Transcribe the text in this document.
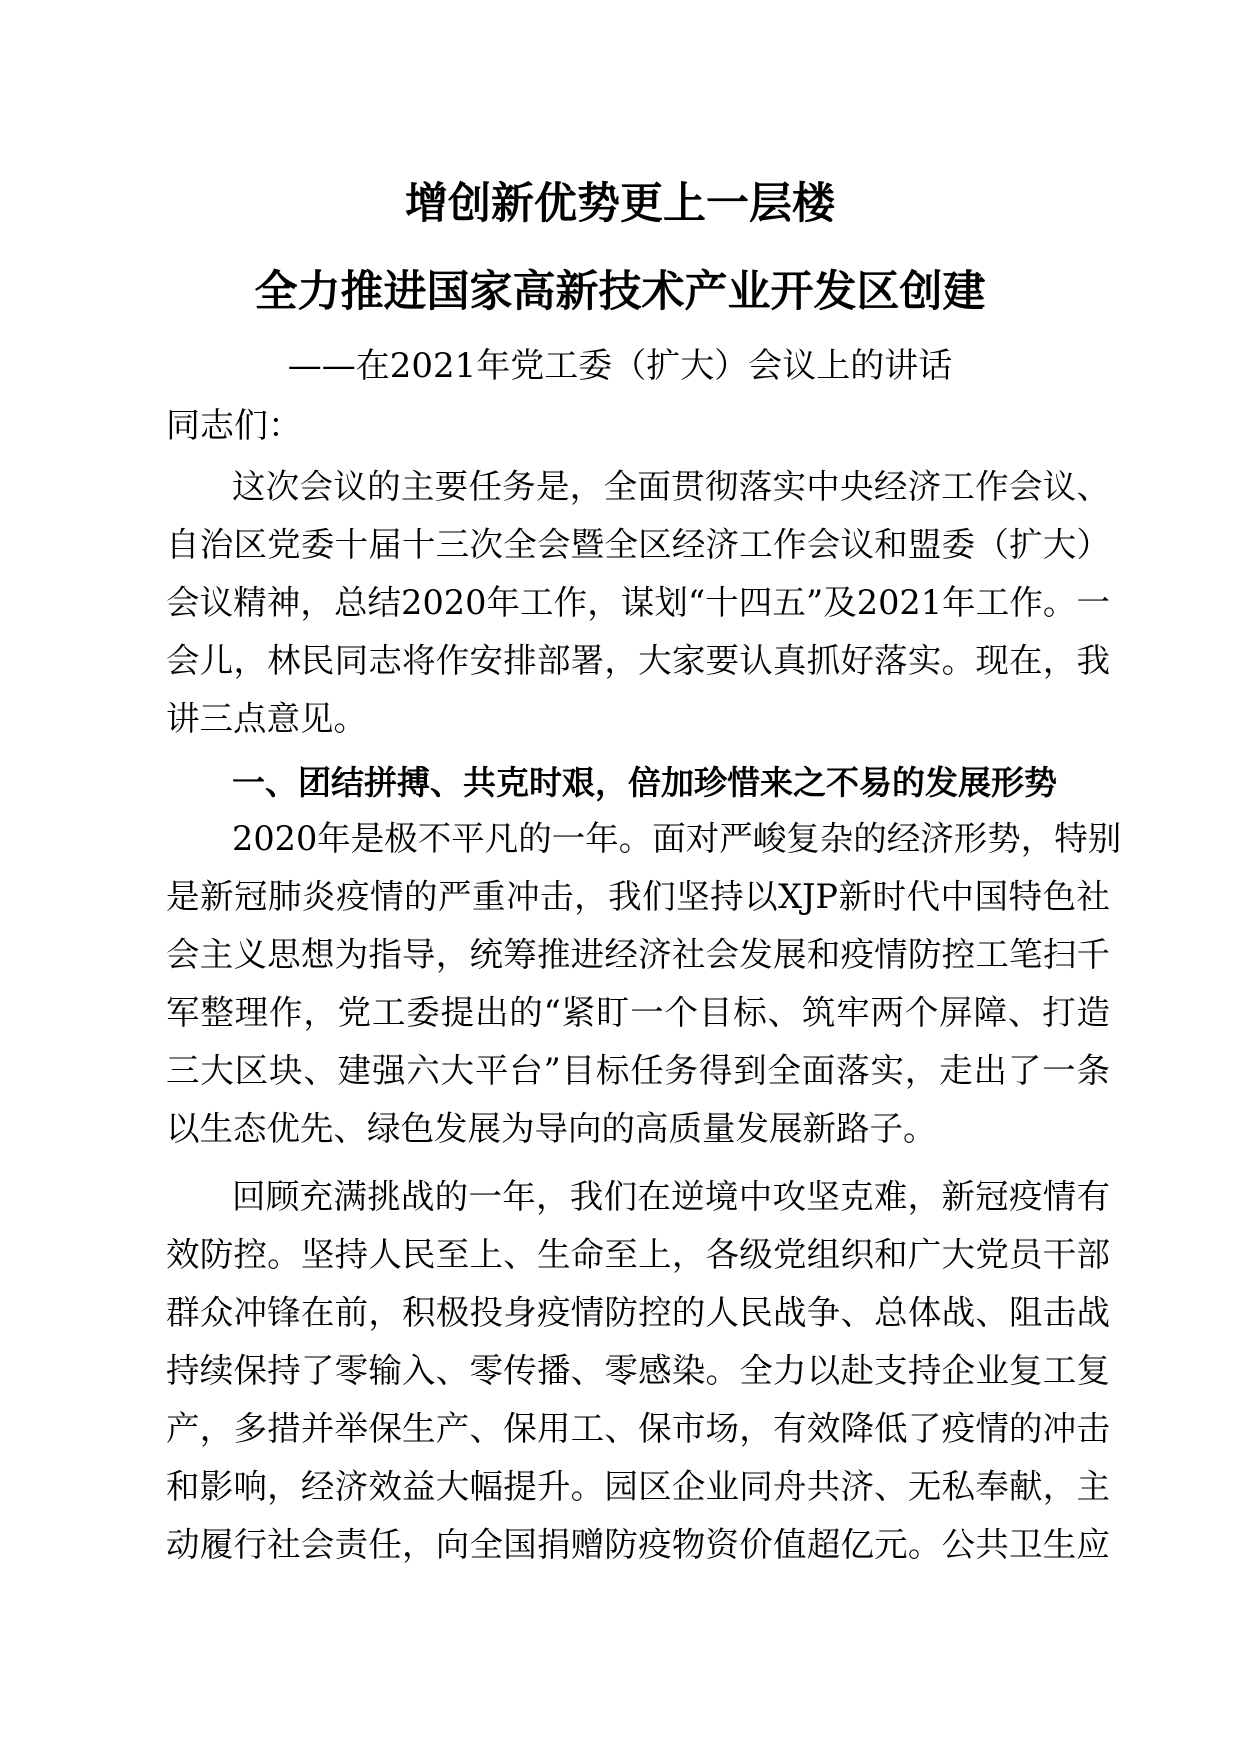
增创新优势更上一层楼
全力推进国家高新技术产业开发区创建
——在2021年党工委（扩大）会议上的讲话
同志们：
这次会议的主要任务是，全面贯彻落实中央经济工作会议、
自治区党委十届十三次全会暨全区经济工作会议和盟委（扩大）
会议精神，总结2020年工作，谋划“十四五”及2021年工作。一
会儿，林民同志将作安排部署，大家要认真抓好落实。现在，我
讲三点意见。
一、团结拼搏、共克时艰，倍加珍惜来之不易的发展形势
2020年是极不平凡的一年。面对严峻复杂的经济形势，特别
是新冠肺炎疫情的严重冲击，我们坚持以XJP新时代中国特色社
会主义思想为指导，统筹推进经济社会发展和疫情防控工笔扫千
军整理作，党工委提出的“紧盯一个目标、筑牢两个屏障、打造
三大区块、建强六大平台”目标任务得到全面落实，走出了一条
以生态优先、绿色发展为导向的高质量发展新路子。
回顾充满挑战的一年，我们在逆境中攻坚克难，新冠疫情有
效防控。坚持人民至上、生命至上，各级党组织和广大党员干部
群众冲锋在前，积极投身疫情防控的人民战争、总体战、阻击战
持续保持了零输入、零传播、零感染。全力以赴支持企业复工复
产，多措并举保生产、保用工、保市场，有效降低了疫情的冲击
和影响，经济效益大幅提升。园区企业同舟共济、无私奉献，主
动履行社会责任，向全国捐赠防疫物资价值超亿元。公共卫生应
